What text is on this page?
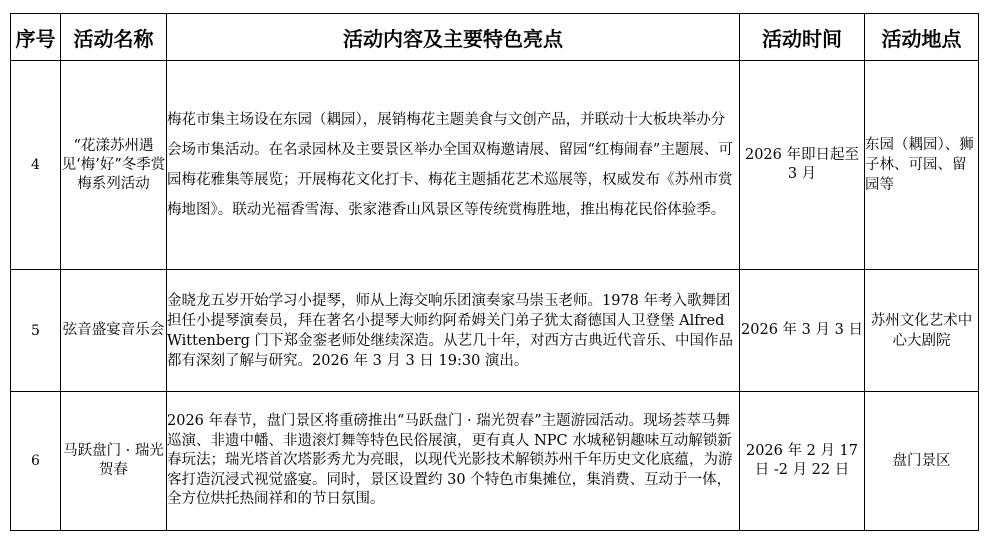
序号	活动名称	活动内容及主要特色亮点	活动时间	活动地点
4	“花漾苏州遇见‘梅’好”冬季赏梅系列活动	梅花市集主场设在东园（耦园），展销梅花主题美食与文创产品，并联动十大板块举办分会场市集活动。在名录园林及主要景区举办全国双梅邀请展、留园“红梅闹春”主题展、可园梅花雅集等展览；开展梅花文化打卡、梅花主题插花艺术巡展等，权威发布《苏州市赏梅地图》。联动光福香雪海、张家港香山风景区等传统赏梅胜地，推出梅花民俗体验季。	2026 年即日起至 3 月	东园（耦园）、狮子林、可园、留园等
5	弦音盛宴音乐会	金晓龙五岁开始学习小提琴，师从上海交响乐团演奏家马崇玉老师。1978 年考入歌舞团担任小提琴演奏员，拜在著名小提琴大师约阿希姆关门弟子犹太裔德国人卫登堡 Alfred Wittenberg 门下郑金銮老师处继续深造。从艺几十年，对西方古典近代音乐、中国作品都有深刻了解与研究。2026 年 3 月 3 日 19:30 演出。	2026 年 3 月 3 日	苏州文化艺术中心大剧院
6	马跃盘门 · 瑞光贺春	2026 年春节，盘门景区将重磅推出“马跃盘门 · 瑞光贺春”主题游园活动。现场荟萃马舞巡演、非遗中幡、非遗滚灯舞等特色民俗展演，更有真人 NPC 水城秘钥趣味互动解锁新春玩法；瑞光塔首次塔影秀尤为亮眼，以现代光影技术解锁苏州千年历史文化底蕴，为游客打造沉浸式视觉盛宴。同时，景区设置约 30 个特色市集摊位，集消费、互动于一体，全方位烘托热闹祥和的节日氛围。	2026 年 2 月 17 日 -2 月 22 日	盘门景区
